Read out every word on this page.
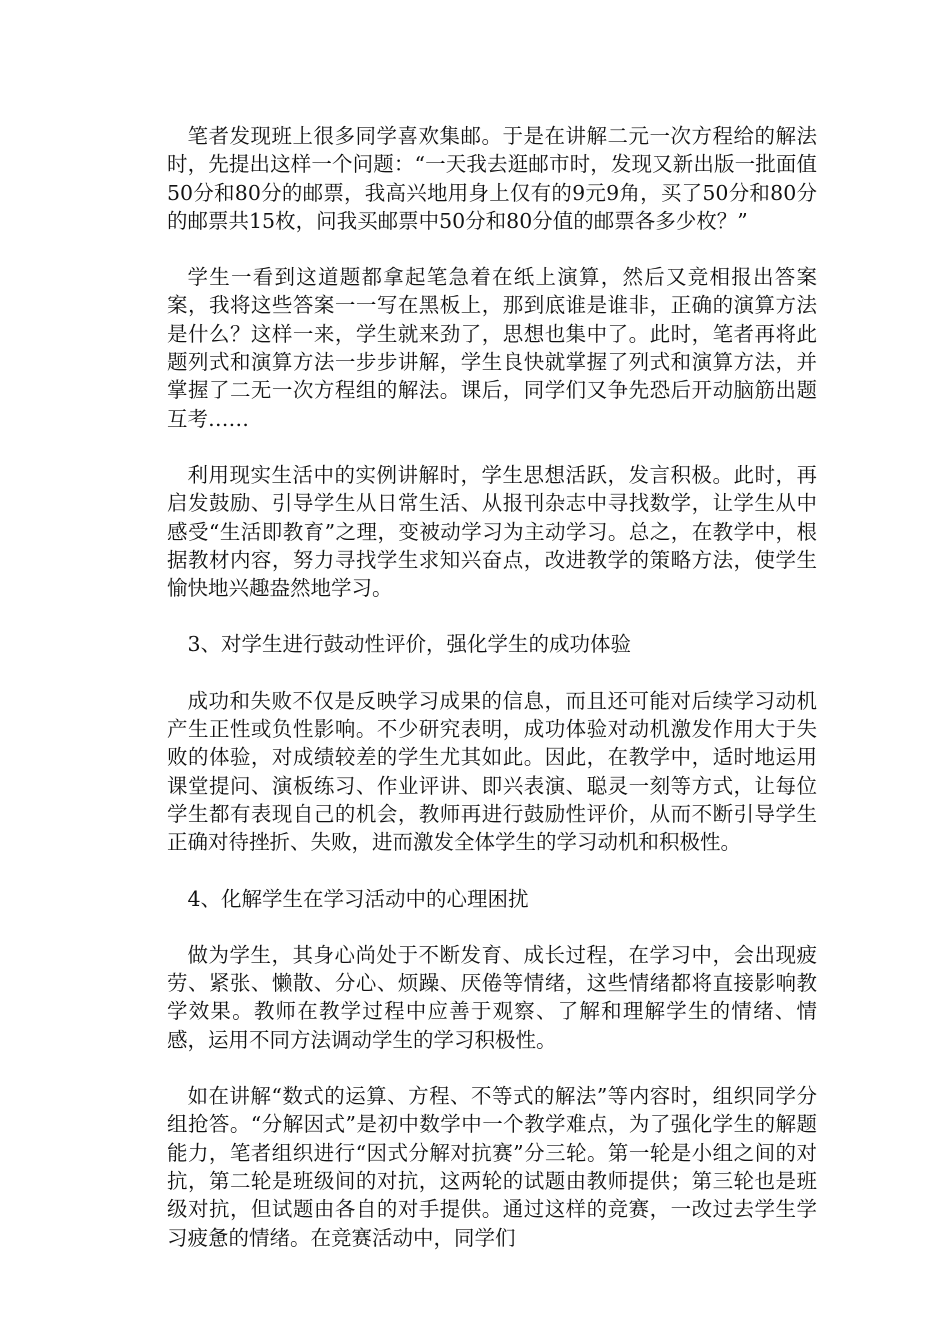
笔者发现班上很多同学喜欢集邮。于是在讲解二元一次方程给的解法时，先提出这样一个问题：“一天我去逛邮市时，发现又新出版一批面值50分和80分的邮票，我高兴地用身上仅有的9元9角，买了50分和80分的邮票共15枚，问我买邮票中50分和80分值的邮票各多少枚？”

学生一看到这道题都拿起笔急着在纸上演算，然后又竞相报出答案案，我将这些答案一一写在黑板上，那到底谁是谁非，正确的演算方法是什么？这样一来，学生就来劲了，思想也集中了。此时，笔者再将此题列式和演算方法一步步讲解，学生良快就掌握了列式和演算方法，并掌握了二无一次方程组的解法。课后，同学们又争先恐后开动脑筋出题互考……

利用现实生活中的实例讲解时，学生思想活跃，发言积极。此时，再启发鼓励、引导学生从日常生活、从报刊杂志中寻找数学，让学生从中感受“生活即教育”之理，变被动学习为主动学习。总之，在教学中，根据教材内容，努力寻找学生求知兴奋点，改进教学的策略方法，使学生愉快地兴趣盎然地学习。

3、对学生进行鼓动性评价，强化学生的成功体验

成功和失败不仅是反映学习成果的信息，而且还可能对后续学习动机产生正性或负性影响。不少研究表明，成功体验对动机激发作用大于失败的体验，对成绩较差的学生尤其如此。因此，在教学中，适时地运用课堂提问、演板练习、作业评讲、即兴表演、聪灵一刻等方式，让每位学生都有表现自己的机会，教师再进行鼓励性评价，从而不断引导学生正确对待挫折、失败，进而激发全体学生的学习动机和积极性。

4、化解学生在学习活动中的心理困扰

做为学生，其身心尚处于不断发育、成长过程，在学习中，会出现疲劳、紧张、懒散、分心、烦躁、厌倦等情绪，这些情绪都将直接影响教学效果。教师在教学过程中应善于观察、了解和理解学生的情绪、情感，运用不同方法调动学生的学习积极性。

如在讲解“数式的运算、方程、不等式的解法”等内容时，组织同学分组抢答。“分解因式”是初中数学中一个教学难点，为了强化学生的解题能力，笔者组织进行“因式分解对抗赛”分三轮。第一轮是小组之间的对抗，第二轮是班级间的对抗，这两轮的试题由教师提供；第三轮也是班级对抗，但试题由各自的对手提供。通过这样的竞赛，一改过去学生学习疲惫的情绪。在竞赛活动中，同学们
